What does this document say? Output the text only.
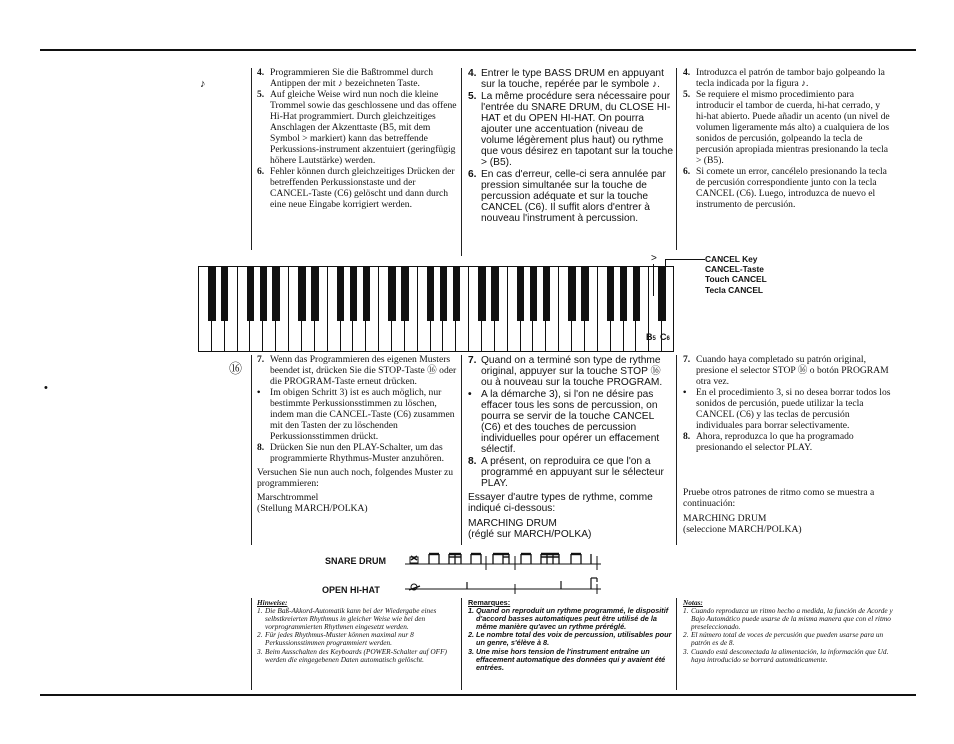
♪
⑯
•
4. Programmieren Sie die Baßtrommel durch Antippen der mit ♪ bezeichneten Taste.
5. Auf gleiche Weise wird nun noch die kleine Trommel sowie das geschlossene und das offene Hi-Hat programmiert. Durch gleichzeitiges Anschlagen der Akzenttaste (B5, mit dem Symbol > markiert) kann das betreffende Perkussions-instrument akzentuiert (geringfügig höhere Lautstärke) werden.
6. Fehler können durch gleichzeitiges Drücken der betreffenden Perkussionstaste und der CANCEL-Taste (C6) gelöscht und dann durch eine neue Eingabe korrigiert werden.
4. Entrer le type BASS DRUM en appuyant sur la touche, repérée par le symbole ♪.
5. La même procédure sera nécessaire pour l'entrée du SNARE DRUM, du CLOSE HI-HAT et du OPEN HI-HAT. On pourra ajouter une accentuation (niveau de volume légèrement plus haut) ou rythme que vous désirez en tapotant sur la touche > (B5).
6. En cas d'erreur, celle-ci sera annulée par pression simultanée sur la touche de percussion adéquate et sur la touche CANCEL (C6). Il suffit alors d'entrer à nouveau l'instrument à percussion.
4. Introduzca el patrón de tambor bajo golpeando la tecla indicada por la figura ♪.
5. Se requiere el mismo procedimiento para introducir el tambor de cuerda, hi-hat cerrado, y hi-hat abierto. Puede añadir un acento (un nivel de volumen ligeramente más alto) a cualquiera de los sonidos de percusión, golpeando la tecla de percusión apropiada mientras presionando la tecla > (B5).
6. Si comete un error, cancélelo presionando la tecla de percusión correspondiente junto con la tecla CANCEL (C6). Luego, introduzca de nuevo el instrumento de percusión.
B5 C6
>	CANCEL Key
CANCEL-Taste
Touch CANCEL
Tecla CANCEL
7. Wenn das Programmieren des eigenen Musters beendet ist, drücken Sie die STOP-Taste ⑯ oder die PROGRAM-Taste erneut drücken.
• Im obigen Schritt 3) ist es auch möglich, nur bestimmte Perkussionsstimmen zu löschen, indem man die CANCEL-Taste (C6) zusammen mit den Tasten der zu löschenden Perkussionsstimmen drückt.
8. Drücken Sie nun den PLAY-Schalter, um das programmierte Rhythmus-Muster anzuhören.

Versuchen Sie nun auch noch, folgendes Muster zu programmieren:

Marschtrommel

(Stellung MARCH/POLKA)

7. Quand on a terminé son type de rythme original, appuyer sur la touche STOP ⑯ ou à nouveau sur la touche PROGRAM.
• A la démarche 3), si l'on ne désire pas effacer tous les sons de percussion, on pourra se servir de la touche CANCEL (C6) et des touches de percussion individuelles pour opérer un effacement sélectif.
8. A présent, on reproduira ce que l'on a programmé en appuyant sur le sélecteur PLAY.

Essayer d'autre types de rythme, comme indiqué ci-dessous:

MARCHING DRUM

(réglé sur MARCH/POLKA)

7. Cuando haya completado su patrón original, presione el selector STOP ⑯ o botón PROGRAM otra vez.
• En el procedimiento 3, si no desea borrar todos los sonidos de percusión, puede utilizar la tecla CANCEL (C6) y las teclas de percusión individuales para borrar selectivamente.
8. Ahora, reproduzca lo que ha programado presionando el selector PLAY.

Pruebe otros patrones de ritmo como se muestra a continuación:

MARCHING DRUM

(seleccione MARCH/POLKA)

SNARE DRUM
OPEN HI-HAT
Hinweise:
1. Die Baß-Akkord-Automatik kann bei der Wiedergabe eines selbstkreierten Rhythmus in gleicher Weise wie bei den vorprogrammierten Rhythmen eingesetzt werden.
2. Für jedes Rhythmus-Muster können maximal nur 8 Perkussionsstimmen programmiert werden.
3. Beim Ausschalten des Keyboards (POWER-Schalter auf OFF) werden die eingegebenen Daten automatisch gelöscht.
Remarques:
1. Quand on reproduit un rythme programmé, le dispositif d'accord basses automatiques peut être utilisé de la même manière qu'avec un rythme préréglé.
2. Le nombre total des voix de percussion, utilisables pour un genre, s'élève à 8.
3. Une mise hors tension de l'instrument entraîne un effacement automatique des données qui y avaient été entrées.
Notas:
1. Cuando reproduzca un ritmo hecho a medida, la función de Acorde y Bajo Automático puede usarse de la misma manera que con el ritmo preseleccionado.
2. El número total de voces de percusión que pueden usarse para un patrón es de 8.
3. Cuando está desconectada la alimentación, la información que Ud. haya introducido se borrará automáticamente.
